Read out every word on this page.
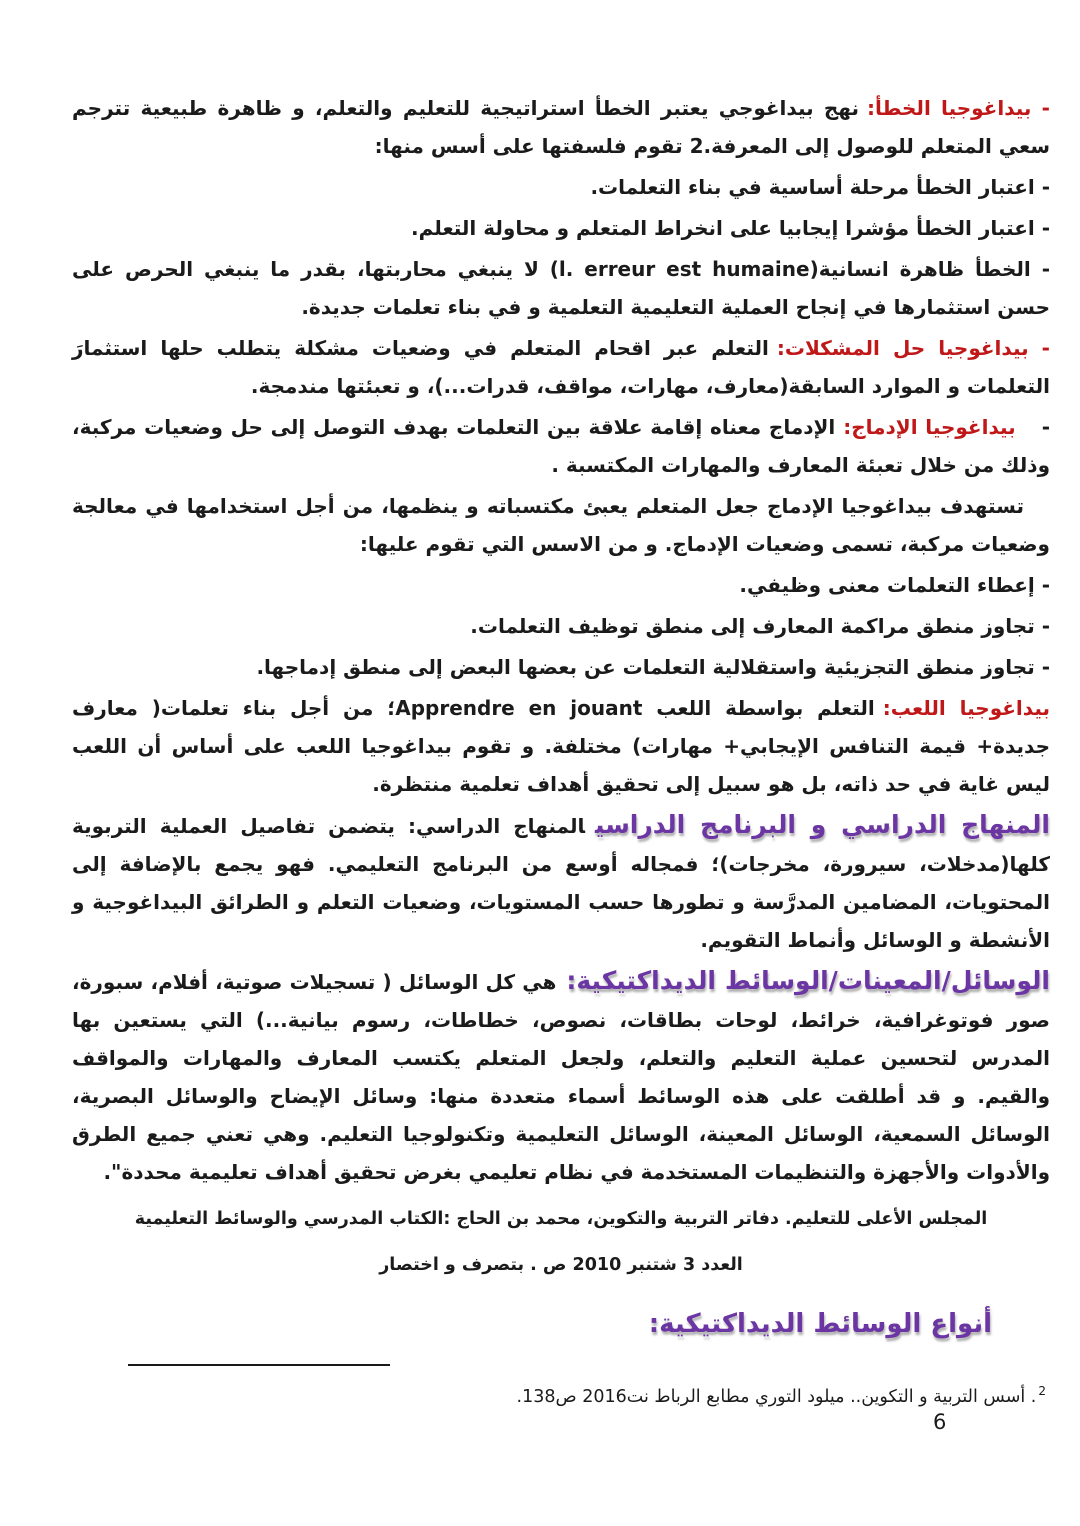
- بيداغوجيا الخطأ:نهج بيداغوجي يعتبر الخطأ استراتيجية للتعليم والتعلم، و ظاهرة طبيعية تترجم سعي المتعلم للوصول إلى المعرفة.2 تقوم فلسفتها على أسس منها:

- اعتبار الخطأ مرحلة أساسية في بناء التعلمات.

- اعتبار الخطأ مؤشرا إيجابيا على انخراط المتعلم و محاولة التعلم.

- الخطأ ظاهرة انسانية(l. erreur est humaine) لا ينبغي محاربتها، بقدر ما ينبغي الحرص على حسن استثمارها في إنجاح العملية التعليمية التعلمية و في بناء تعلمات جديدة.

- بيداغوجيا حل المشكلات:التعلم عبر اقحام المتعلم في وضعيات مشكلة يتطلب حلها استثمارَ التعلمات و الموارد السابقة(معارف، مهارات، مواقف، قدرات...)، و تعبئتها مندمجة.

-بيداغوجيا الإدماج:الإدماج معناه إقامة علاقة بين التعلمات بهدف التوصل إلى حل وضعيات مركبة، وذلك من خلال تعبئة المعارف والمهارات المكتسبة .

تستهدف بيداغوجيا الإدماج جعل المتعلم يعبئ مكتسباته و ينظمها، من أجل استخدامها في معالجة وضعيات مركبة، تسمى وضعيات الإدماج. و من الاسس التي تقوم عليها:

- إعطاء التعلمات معنى وظيفي.

- تجاوز منطق مراكمة المعارف إلى منطق توظيف التعلمات.

- تجاوز منطق التجزيئية واستقلالية التعلمات عن بعضها البعض إلى منطق إدماجها.

بيداغوجيا اللعب:التعلم بواسطة اللعب Apprendre en jouant؛ من أجل بناء تعلمات( معارف جديدة+ قيمة التنافس الإيجابي+ مهارات) مختلفة. و تقوم بيداغوجيا اللعب على أساس أن اللعب ليس غاية في حد ذاته، بل هو سبيل إلى تحقيق أهداف تعلمية منتظرة.

المنهاج الدراسي و البرنامج الدراسيالمنهاج الدراسي: يتضمن تفاصيل العملية التربوية كلها(مدخلات، سيرورة، مخرجات)؛ فمجاله أوسع من البرنامج التعليمي. فهو يجمع بالإضافة إلى المحتويات، المضامين المدرَّسة و تطورها حسب المستويات، وضعيات التعلم و الطرائق البيداغوجية و الأنشطة و الوسائل وأنماط التقويم.

الوسائل/المعينات/الوسائط الديداكتيكية:هي كل الوسائل ( تسجيلات صوتية، أفلام، سبورة، صور فوتوغرافية، خرائط، لوحات بطاقات، نصوص، خطاطات، رسوم بيانية...) التي يستعين بها المدرس لتحسين عملية التعليم والتعلم، ولجعل المتعلم يكتسب المعارف والمهارات والمواقف والقيم. و قد أطلقت على هذه الوسائط أسماء متعددة منها: وسائل الإيضاح والوسائل البصرية، الوسائل السمعية، الوسائل المعينة، الوسائل التعليمية وتكنولوجيا التعليم. وهي تعني جميع الطرق والأدوات والأجهزة والتنظيمات المستخدمة في نظام تعليمي بغرض تحقيق أهداف تعليمية محددة".

المجلس الأعلى للتعليم. دفاتر التربية والتكوين، محمد بن الحاج :الكتاب المدرسي والوسائط التعليمية

العدد 3 شتنبر 2010 ص . بتصرف و اختصار

أنواع الوسائط الديداكتيكية:

$^2$. أسس التربية و التكوين.. ميلود التوري مطابع الرباط نت2016 ص138.

6
